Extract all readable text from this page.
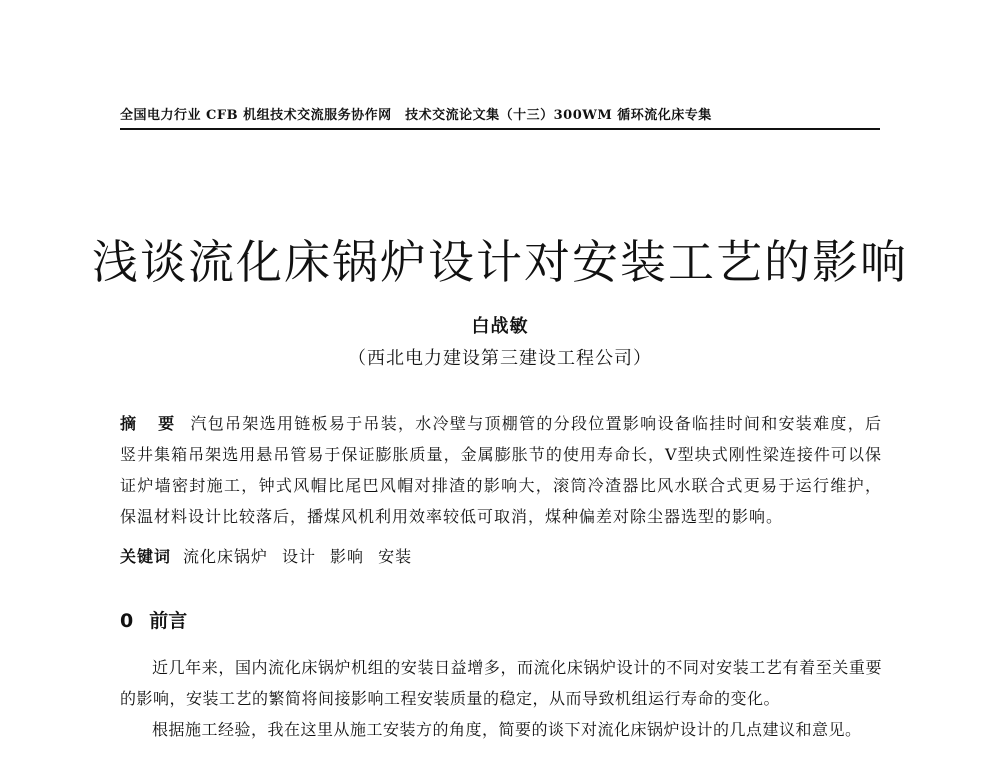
全国电力行业 CFB 机组技术交流服务协作网　技术交流论文集（十三）300WM 循环流化床专集
浅谈流化床锅炉设计对安装工艺的影响
白战敏
（西北电力建设第三建设工程公司）
摘 要 汽包吊架选用链板易于吊装，水冷壁与顶棚管的分段位置影响设备临挂时间和安装难度，后竖井集箱吊架选用悬吊管易于保证膨胀质量，金属膨胀节的使用寿命长，V型块式刚性梁连接件可以保证炉墙密封施工，钟式风帽比尾巴风帽对排渣的影响大，滚筒冷渣器比风水联合式更易于运行维护，保温材料设计比较落后，播煤风机利用效率较低可取消，煤种偏差对除尘器选型的影响。
关键词 流化床锅炉 设计 影响 安装
0 前言

近几年来，国内流化床锅炉机组的安装日益增多，而流化床锅炉设计的不同对安装工艺有着至关重要的影响，安装工艺的繁简将间接影响工程安装质量的稳定，从而导致机组运行寿命的变化。

根据施工经验，我在这里从施工安装方的角度，简要的谈下对流化床锅炉设计的几点建议和意见。
